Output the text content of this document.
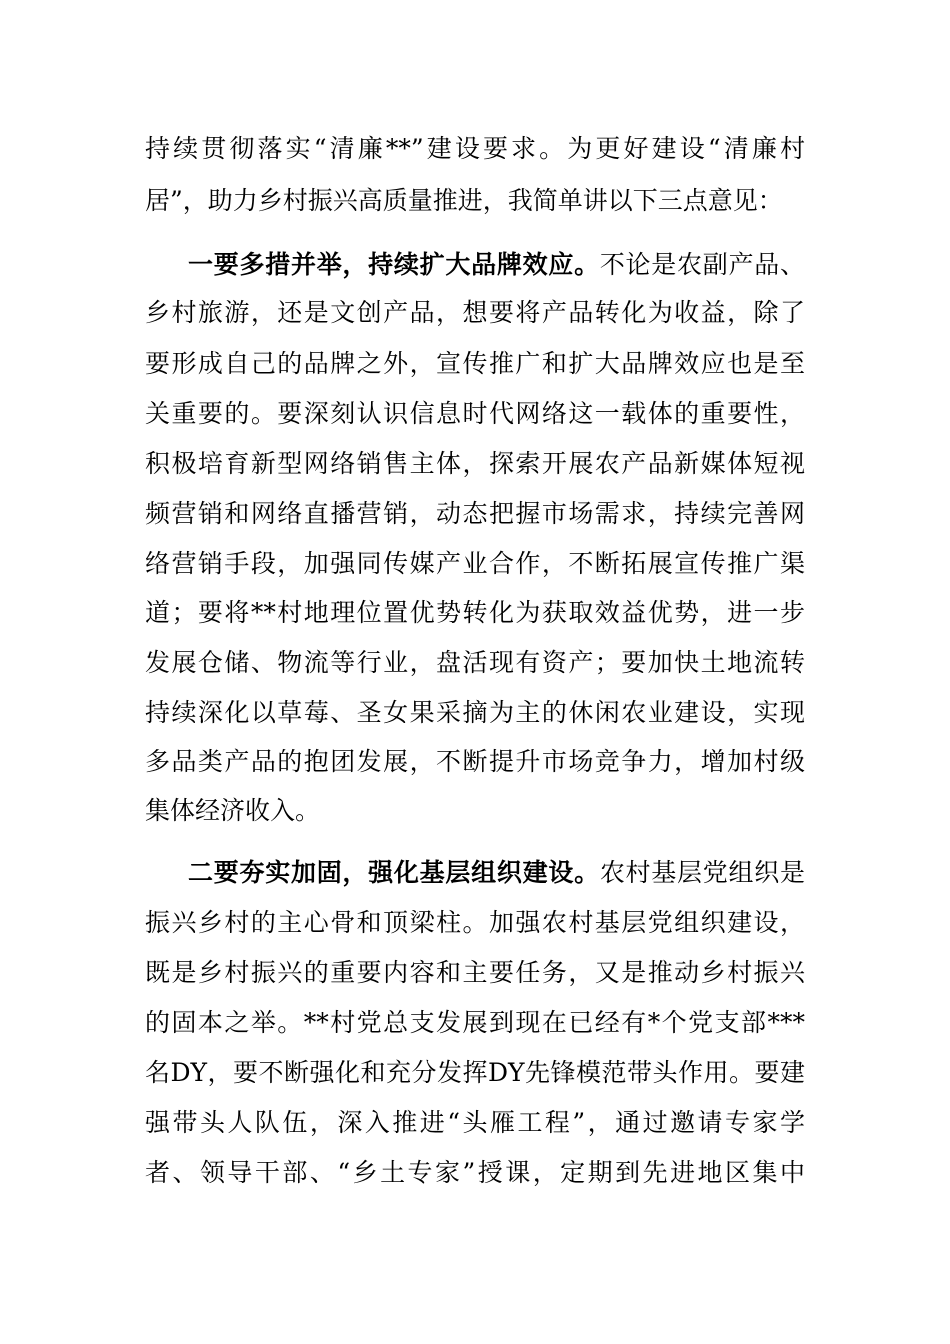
持续贯彻落实“清廉**”建设要求。为更好建设“清廉村
居”，助力乡村振兴高质量推进，我简单讲以下三点意见：
一要多措并举，持续扩大品牌效应。不论是农副产品、
乡村旅游，还是文创产品，想要将产品转化为收益，除了
要形成自己的品牌之外，宣传推广和扩大品牌效应也是至
关重要的。要深刻认识信息时代网络这一载体的重要性，
积极培育新型网络销售主体，探索开展农产品新媒体短视
频营销和网络直播营销，动态把握市场需求，持续完善网
络营销手段，加强同传媒产业合作，不断拓展宣传推广渠
道；要将**村地理位置优势转化为获取效益优势，进一步
发展仓储、物流等行业，盘活现有资产；要加快土地流转
持续深化以草莓、圣女果采摘为主的休闲农业建设，实现
多品类产品的抱团发展，不断提升市场竞争力，增加村级
集体经济收入。
二要夯实加固，强化基层组织建设。农村基层党组织是
振兴乡村的主心骨和顶梁柱。加强农村基层党组织建设，
既是乡村振兴的重要内容和主要任务，又是推动乡村振兴
的固本之举。**村党总支发展到现在已经有*个党支部***
名DY，要不断强化和充分发挥DY先锋模范带头作用。要建
强带头人队伍，深入推进“头雁工程”，通过邀请专家学
者、领导干部、“乡土专家”授课，定期到先进地区集中
